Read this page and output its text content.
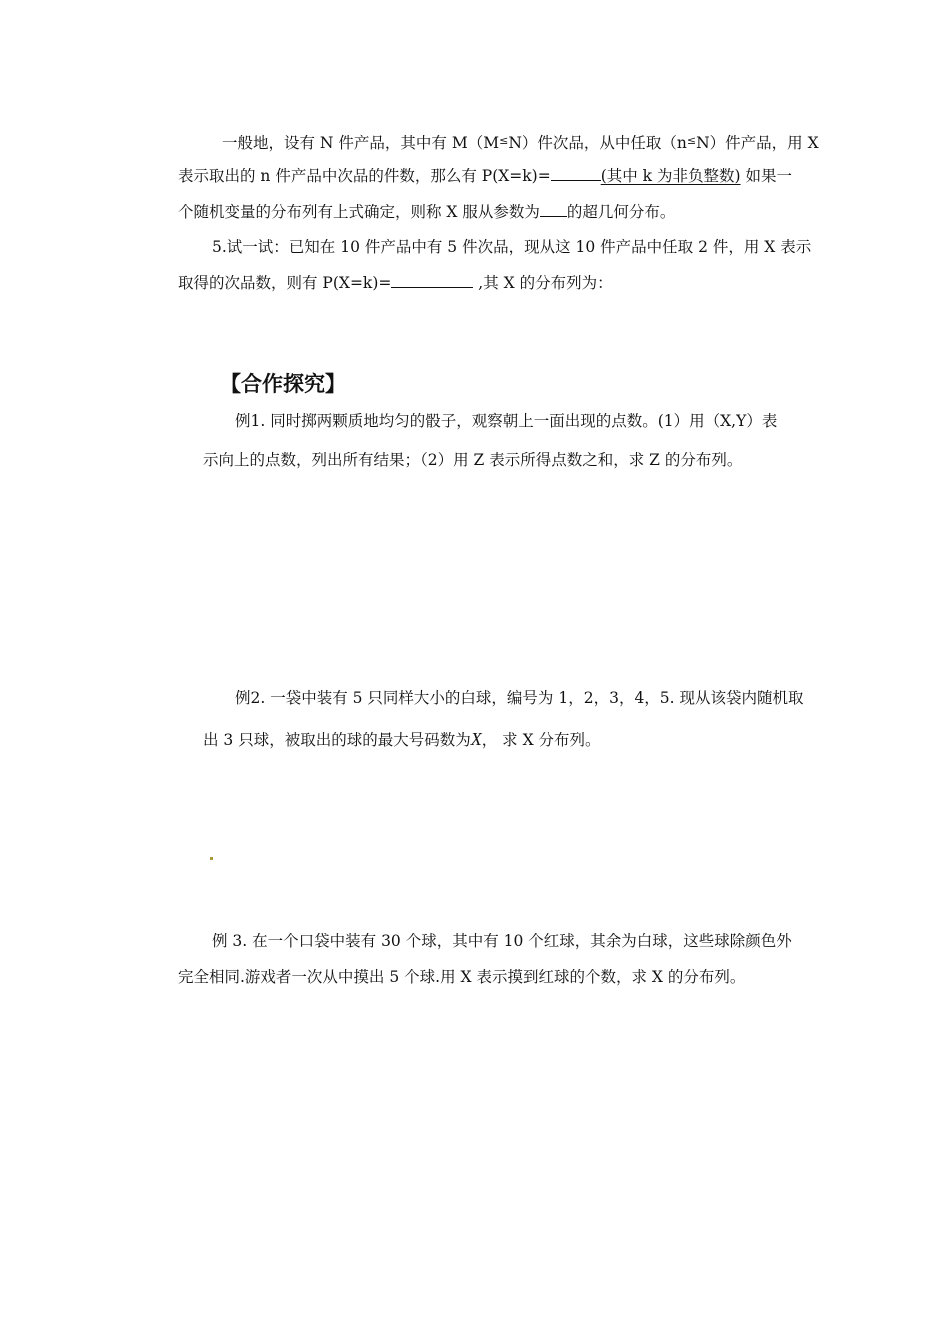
一般地，设有 N 件产品，其中有 M（M≤N）件次品，从中任取（n≤N）件产品，用 X
表示取出的 n 件产品中次品的件数，那么有 P(X=k)=	(其中 k 为非负整数) 如果一
个随机变量的分布列有上式确定，则称 X 服从参数为 的超几何分布。
5.试一试：已知在 10 件产品中有 5 件次品，现从这 10 件产品中任取 2 件，用 X 表示
取得的次品数，则有 P(X=k)=	,其 X 的分布列为：
【合作探究】
例1. 同时掷两颗质地均匀的骰子，观察朝上一面出现的点数。(1）用（X,Y）表
示向上的点数，列出所有结果；（2）用 Z 表示所得点数之和，求 Z 的分布列。
例2. 一袋中装有 5 只同样大小的白球，编号为 1，2，3，4，5. 现从该袋内随机取
出 3 只球，被取出的球的最大号码数为X， 求 X 分布列。
例 3. 在一个口袋中装有 30 个球，其中有 10 个红球，其余为白球，这些球除颜色外
完全相同.游戏者一次从中摸出 5 个球.用 X 表示摸到红球的个数，求 X 的分布列。
